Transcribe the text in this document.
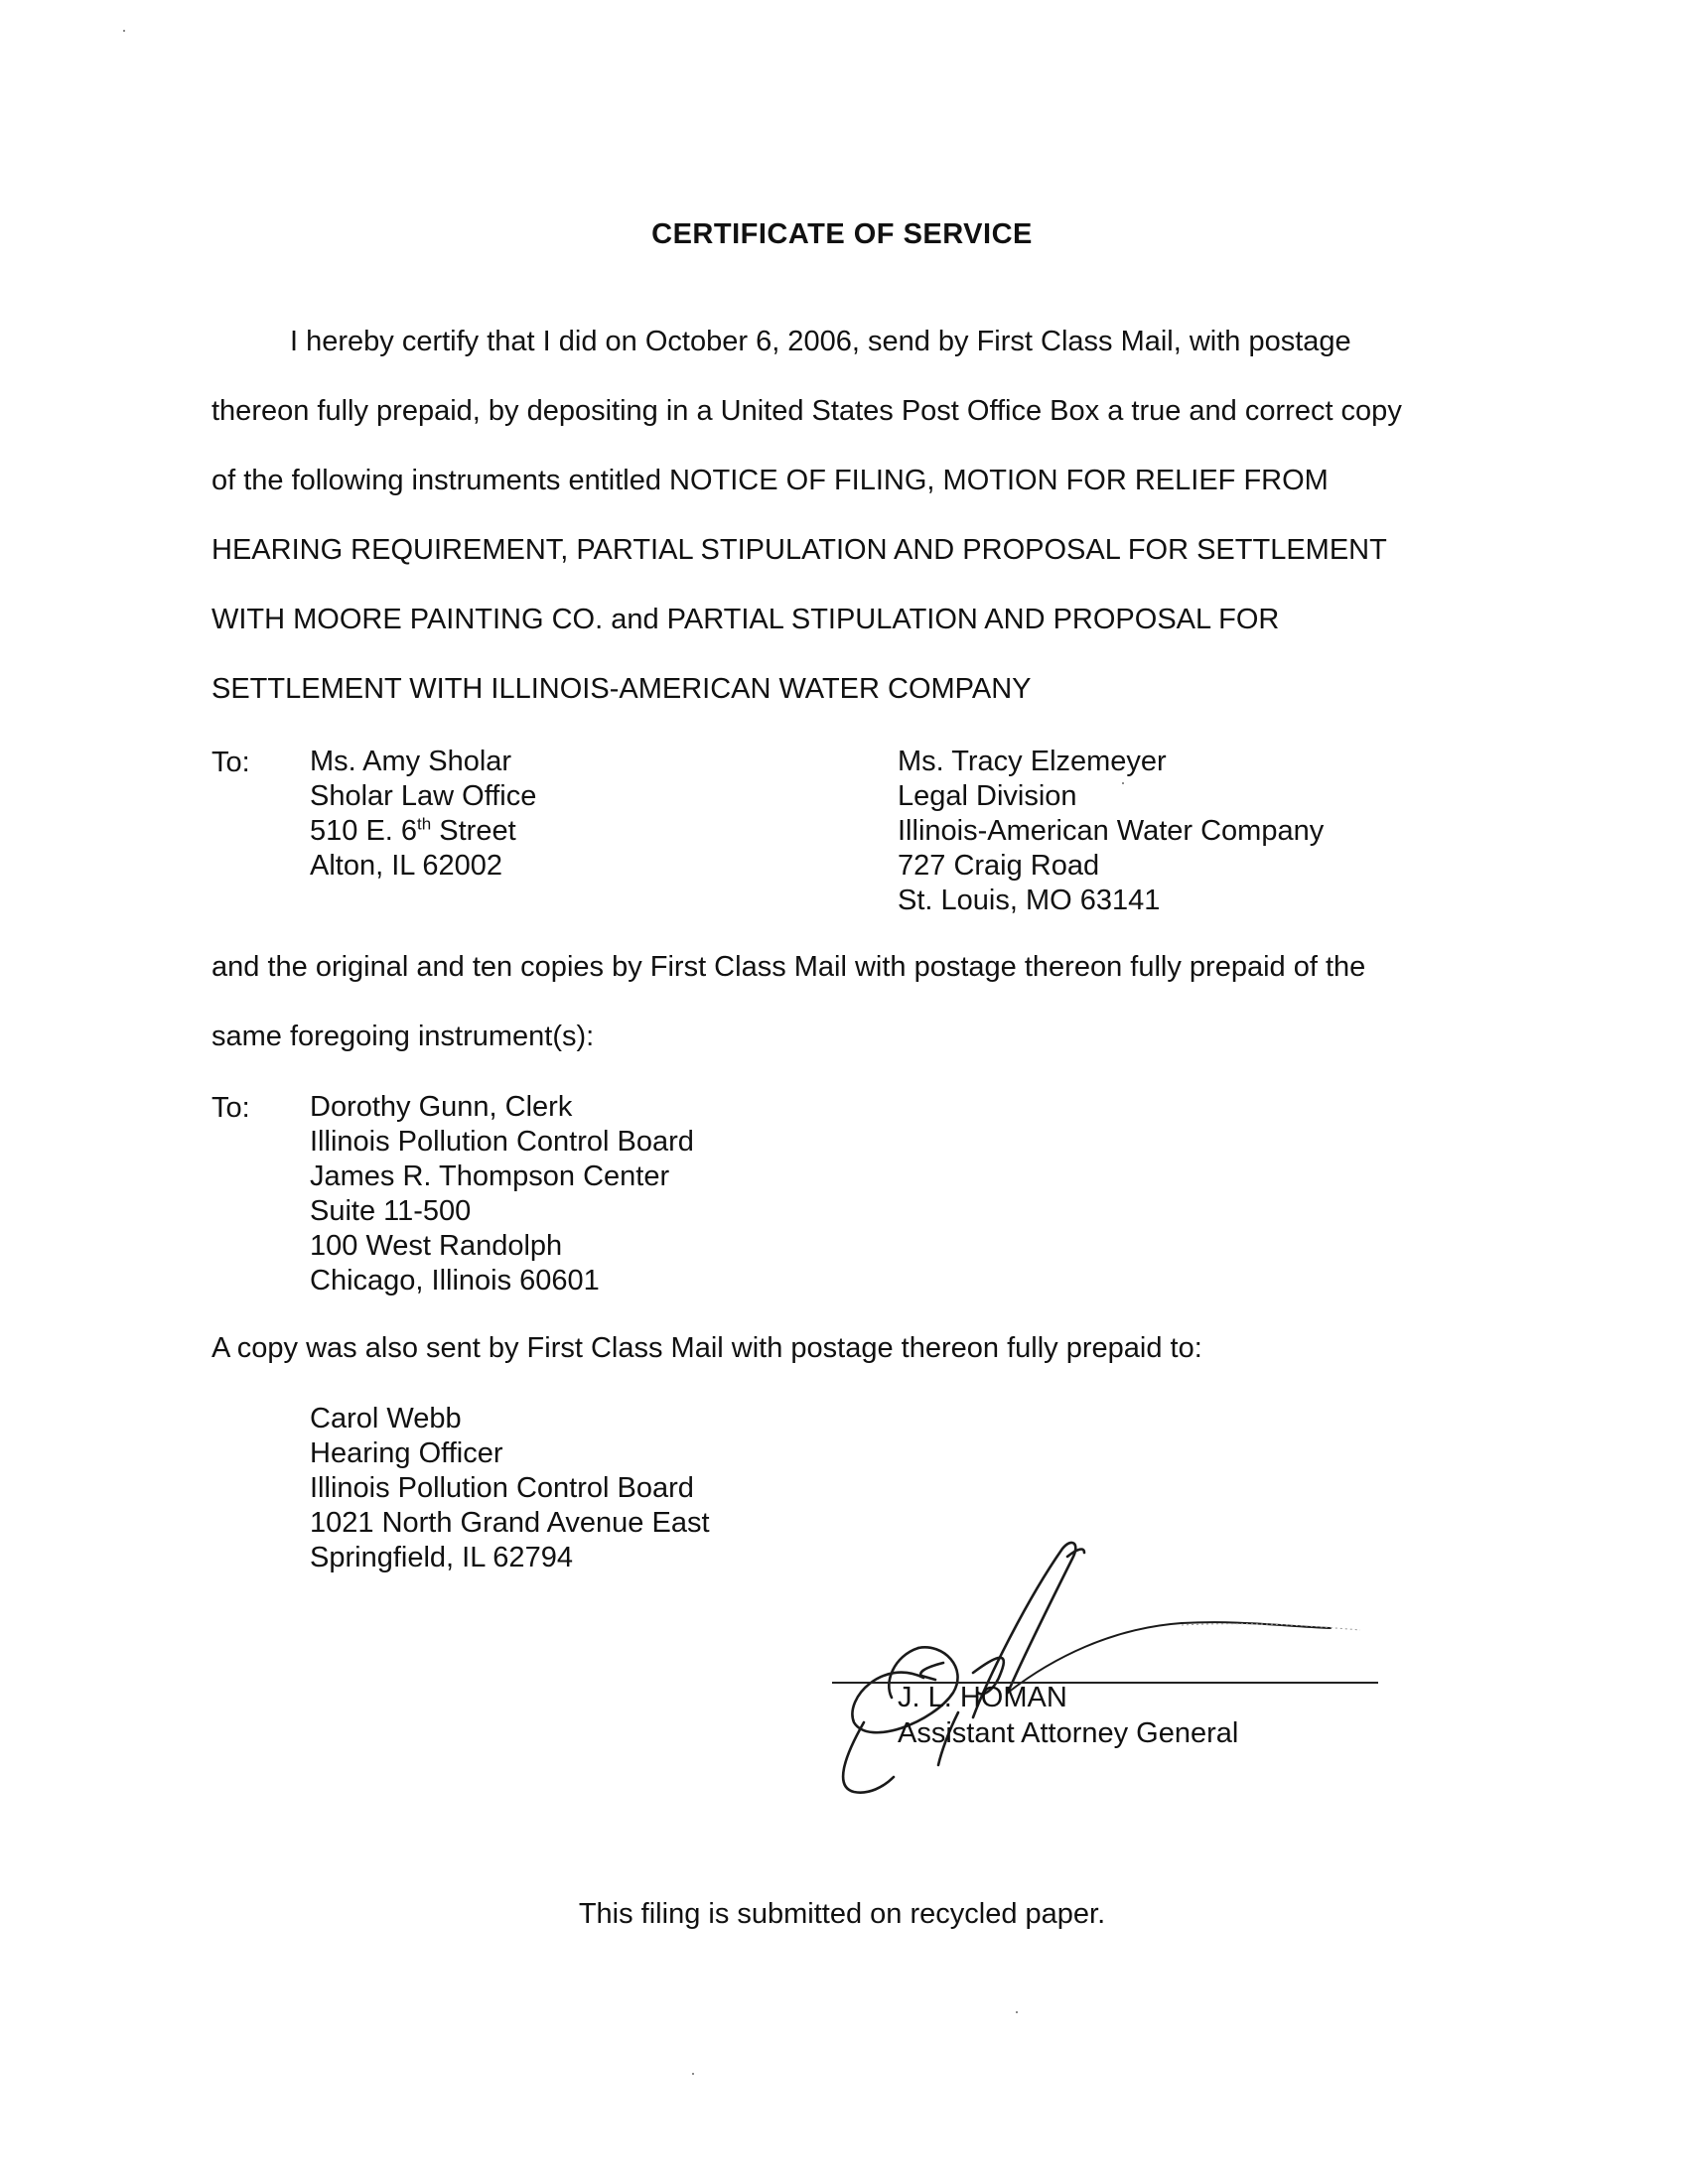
CERTIFICATE OF SERVICE
I hereby certify that I did on October 6, 2006, send by First Class Mail, with postage
thereon fully prepaid, by depositing in a United States Post Office Box a true and correct copy
of the following instruments entitled NOTICE OF FILING, MOTION FOR RELIEF FROM
HEARING REQUIREMENT, PARTIAL STIPULATION AND PROPOSAL FOR SETTLEMENT
WITH MOORE PAINTING CO. and PARTIAL STIPULATION AND PROPOSAL FOR
SETTLEMENT WITH ILLINOIS-AMERICAN WATER COMPANY
To: Ms. Amy Sholar
Sholar Law Office
510 E. 6th Street
Alton, IL 62002
Ms. Tracy Elzemeyer
Legal Division
Illinois-American Water Company
727 Craig Road
St. Louis, MO 63141
and the original and ten copies by First Class Mail with postage thereon fully prepaid of the
same foregoing instrument(s):
To: Dorothy Gunn, Clerk
Illinois Pollution Control Board
James R. Thompson Center
Suite 11-500
100 West Randolph
Chicago, Illinois 60601
A copy was also sent by First Class Mail with postage thereon fully prepaid to:
Carol Webb
Hearing Officer
Illinois Pollution Control Board
1021 North Grand Avenue East
Springfield, IL 62794
J. L. HOMAN
Assistant Attorney General
This filing is submitted on recycled paper.
